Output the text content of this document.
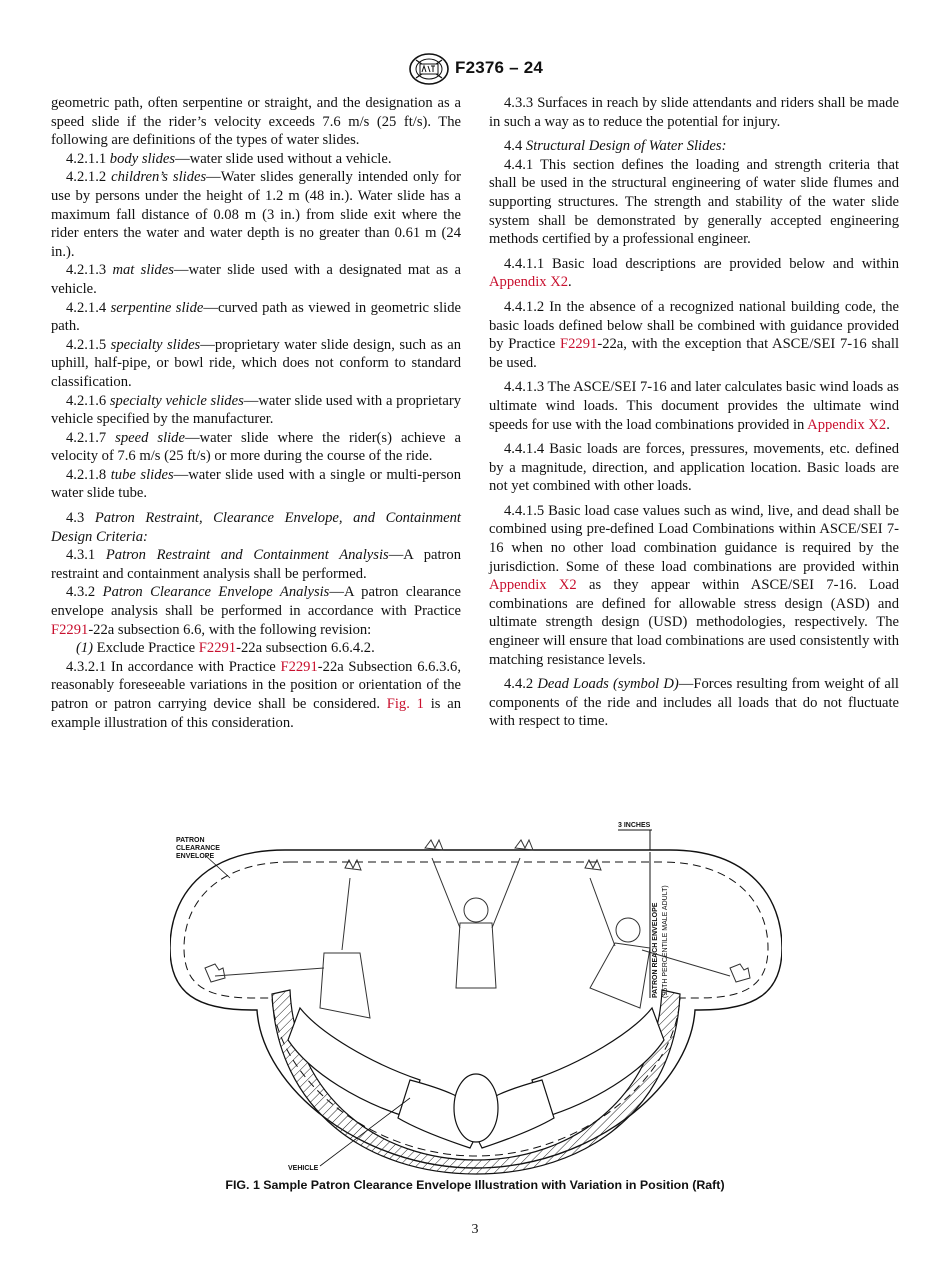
F2376 – 24

geometric path, often serpentine or straight, and the designation as a speed slide if the rider’s velocity exceeds 7.6 m/s (25 ft/s). The following are definitions of the types of water slides.

4.2.1.1 body slides—water slide used without a vehicle.

4.2.1.2 children’s slides—Water slides generally intended only for use by persons under the height of 1.2 m (48 in.). Water slide has a maximum fall distance of 0.08 m (3 in.) from slide exit where the rider enters the water and water depth is no greater than 0.61 m (24 in.).

4.2.1.3 mat slides—water slide used with a designated mat as a vehicle.

4.2.1.4 serpentine slide—curved path as viewed in geometric slide path.

4.2.1.5 specialty slides—proprietary water slide design, such as an uphill, half-pipe, or bowl ride, which does not conform to standard classification.

4.2.1.6 specialty vehicle slides—water slide used with a proprietary vehicle specified by the manufacturer.

4.2.1.7 speed slide—water slide where the rider(s) achieve a velocity of 7.6 m/s (25 ft/s) or more during the course of the ride.

4.2.1.8 tube slides—water slide used with a single or multi-person water slide tube.

4.3 Patron Restraint, Clearance Envelope, and Containment Design Criteria:

4.3.1 Patron Restraint and Containment Analysis—A patron restraint and containment analysis shall be performed.

4.3.2 Patron Clearance Envelope Analysis—A patron clearance envelope analysis shall be performed in accordance with Practice F2291-22a subsection 6.6, with the following revision:

(1) Exclude Practice F2291-22a subsection 6.6.4.2.

4.3.2.1 In accordance with Practice F2291-22a Subsection 6.6.3.6, reasonably foreseeable variations in the position or orientation of the patron or patron carrying device shall be considered. Fig. 1 is an example illustration of this consideration.

4.3.3 Surfaces in reach by slide attendants and riders shall be made in such a way as to reduce the potential for injury.

4.4 Structural Design of Water Slides:

4.4.1 This section defines the loading and strength criteria that shall be used in the structural engineering of water slide flumes and supporting structures. The strength and stability of the water slide system shall be demonstrated by generally accepted engineering methods certified by a professional engineer.

4.4.1.1 Basic load descriptions are provided below and within Appendix X2.

4.4.1.2 In the absence of a recognized national building code, the basic loads defined below shall be combined with guidance provided by Practice F2291-22a, with the exception that ASCE/SEI 7-16 shall be used.

4.4.1.3 The ASCE/SEI 7-16 and later calculates basic wind loads as ultimate wind loads. This document provides the ultimate wind speeds for use with the load combinations provided in Appendix X2.

4.4.1.4 Basic loads are forces, pressures, movements, etc. defined by a magnitude, direction, and application location. Basic loads are not yet combined with other loads.

4.4.1.5 Basic load case values such as wind, live, and dead shall be combined using pre-defined Load Combinations within ASCE/SEI 7-16 when no other load combination guidance is required by the jurisdiction. Some of these load combinations are provided within Appendix X2 as they appear within ASCE/SEI 7-16. Load combinations are defined for allowable stress design (ASD) and ultimate strength design (USD) methodologies, respectively. The engineer will ensure that load combinations are used consistently with matching resistance levels.

4.4.2 Dead Loads (symbol D)—Forces resulting from weight of all components of the ride and includes all loads that do not fluctuate with respect to time.

3 INCHES
PATRON REACH ENVELOPE (95TH PERCENTILE MALE ADULT)
PATRON
CLEARANCE
ENVELOPE
VEHICLE
FIG. 1 Sample Patron Clearance Envelope Illustration with Variation in Position (Raft)
3
